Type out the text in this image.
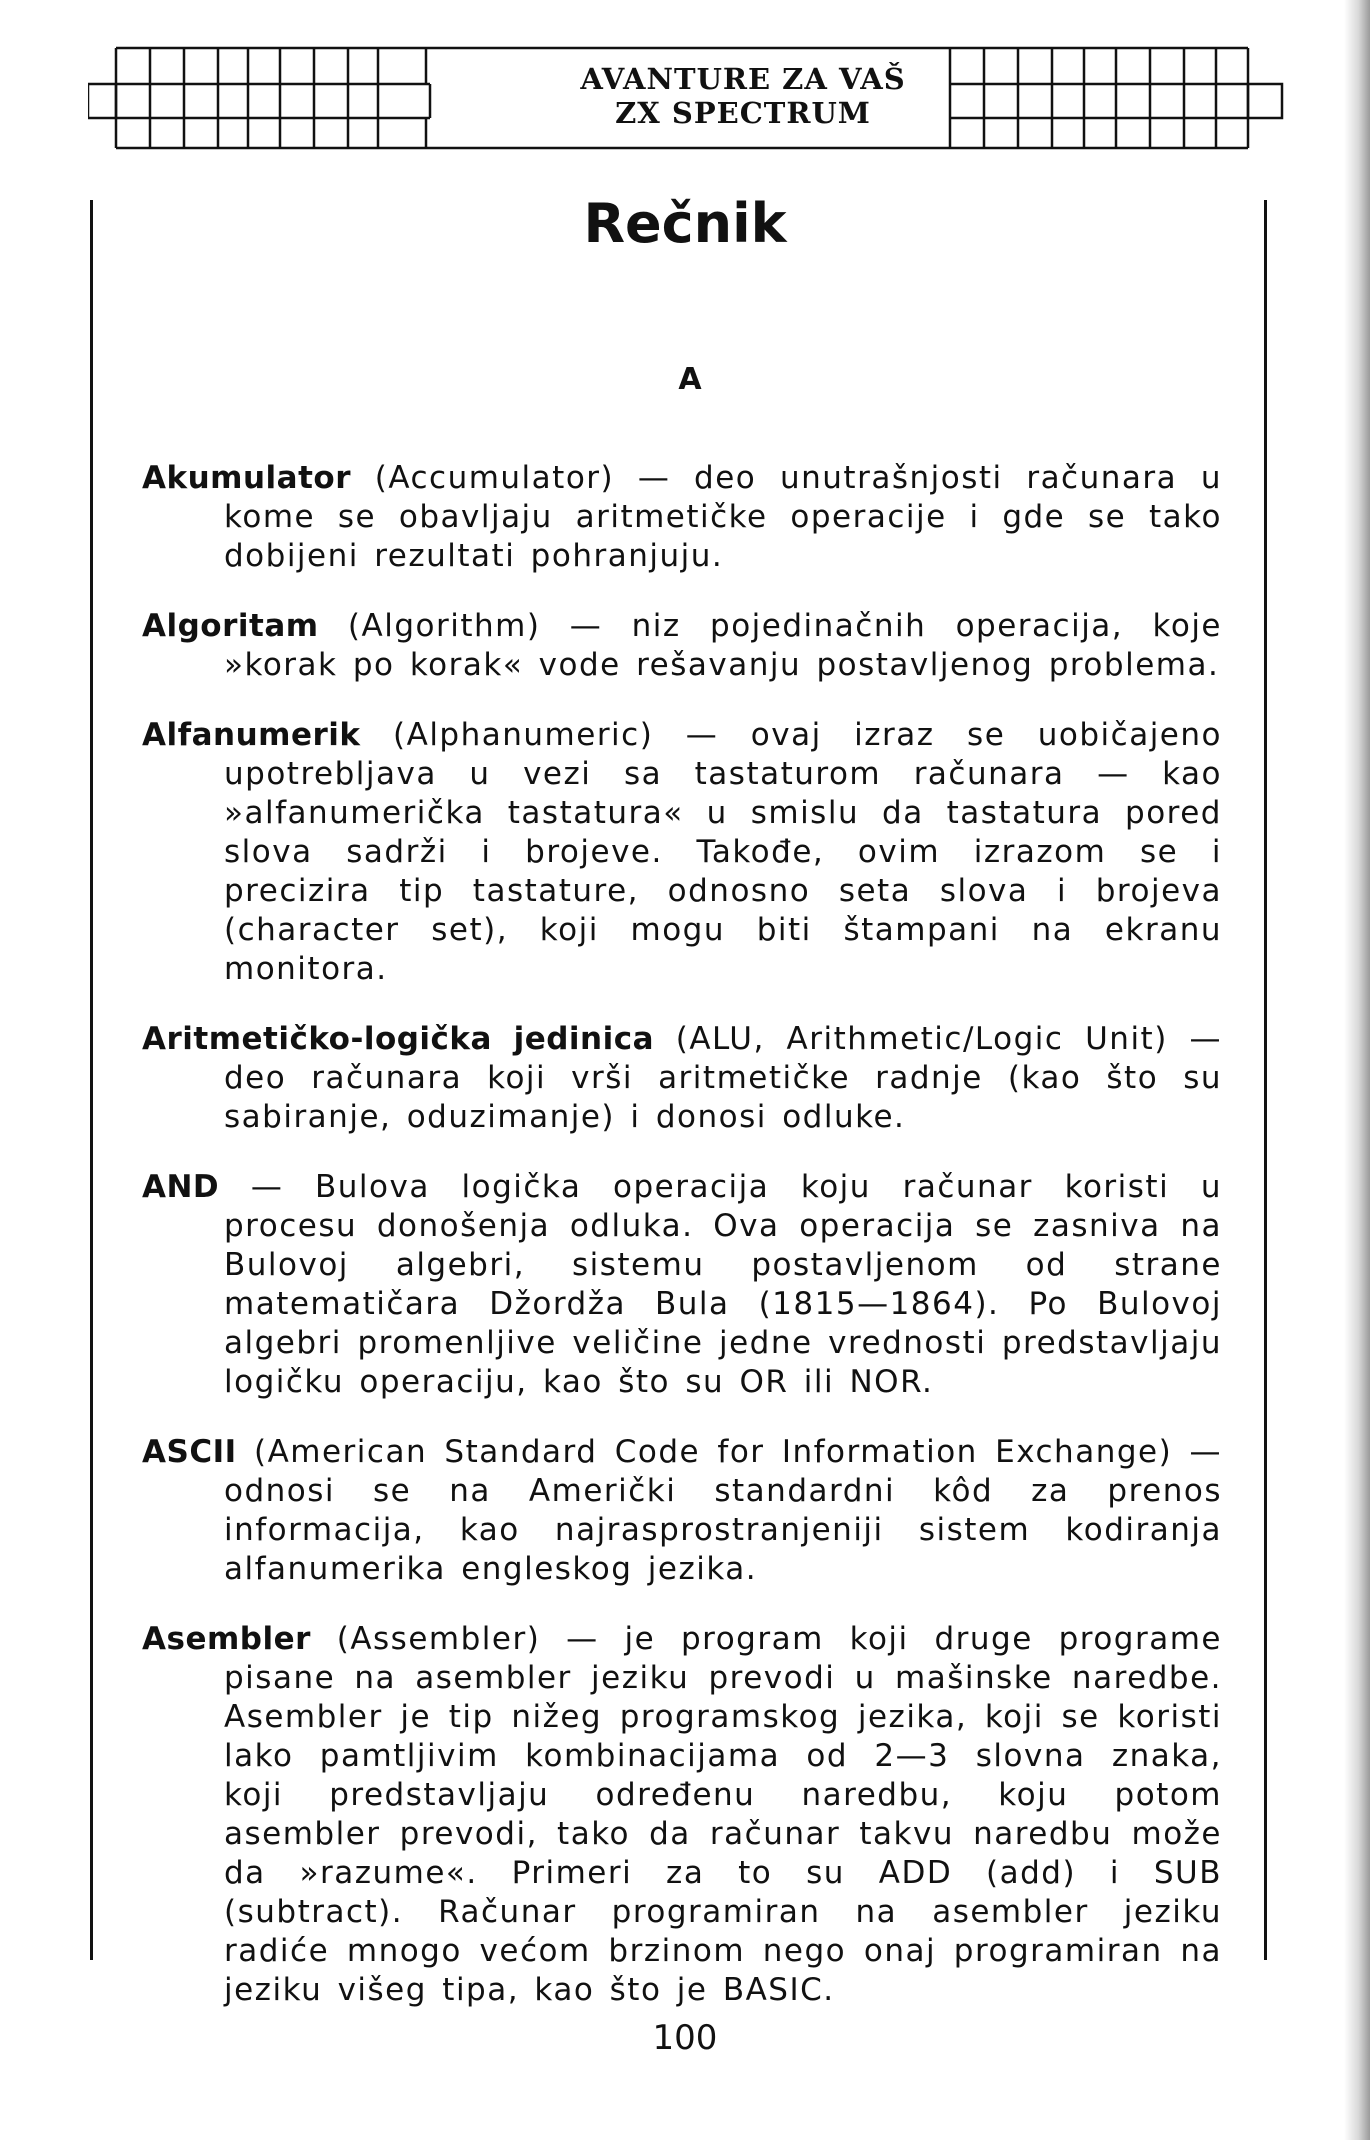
AVANTURE ZA VAŠ
ZX SPECTRUM
Rečnik
A

Akumulator (Accumulator) — deo unutrašnjosti računara u kome se obavljaju aritmetičke operacije i gde se tako dobijeni rezultati pohranjuju.

Algoritam (Algorithm) — niz pojedinačnih operacija, koje »korak po korak« vode rešavanju postavljenog problema.

Alfanumerik (Alphanumeric) — ovaj izraz se uobičajeno upotrebljava u vezi sa tastaturom računara — kao »alfanumerička tastatura« u smislu da tastatura pored slova sadrži i brojeve. Takođe, ovim izrazom se i precizira tip tastature, odnosno seta slova i brojeva (character set), koji mogu biti štampani na ekranu monitora.

Aritmetičko-logička jedinica (ALU, Arithmetic/Logic Unit) — deo računara koji vrši aritmetičke radnje (kao što su sabiranje, oduzimanje) i donosi odluke.

AND — Bulova logička operacija koju računar koristi u procesu donošenja odluka. Ova operacija se zasniva na Bulovoj algebri, sistemu postavljenom od strane matematičara Džordža Bula (1815—1864). Po Bulovoj algebri promenljive veličine jedne vrednosti predstavljaju logičku operaciju, kao što su OR ili NOR.

ASCII (American Standard Code for Information Exchange) — odnosi se na Američki standardni kôd za prenos informacija, kao najrasprostranjeniji sistem kodiranja alfanumerika engleskog jezika.

Asembler (Assembler) — je program koji druge programe pisane na asembler jeziku prevodi u mašinske naredbe. Asembler je tip nižeg programskog jezika, koji se koristi lako pamtljivim kombinacijama od 2—3 slovna znaka, koji predstavljaju određenu naredbu, koju potom asembler prevodi, tako da računar takvu naredbu može da »razume«. Primeri za to su ADD (add) i SUB (subtract). Računar programiran na asembler jeziku radiće mnogo većom brzinom nego onaj programiran na jeziku višeg tipa, kao što je BASIC.

100
